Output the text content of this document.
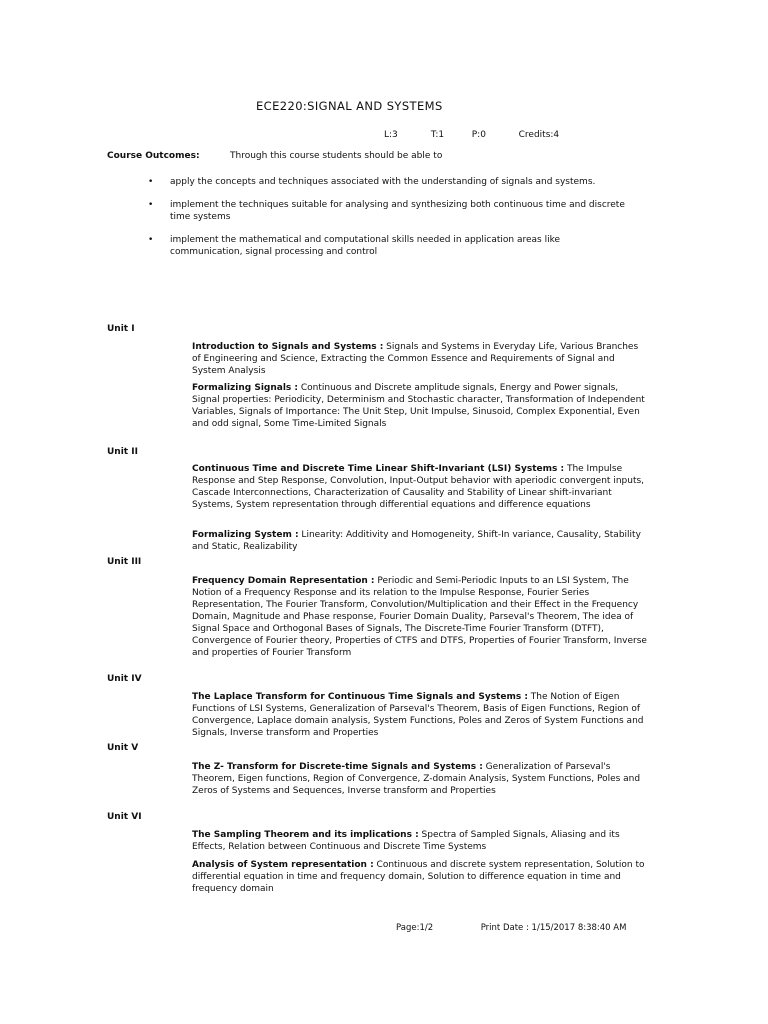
ECE220:SIGNAL AND SYSTEMS
L:3	T:1	P:0	Credits:4
Course Outcomes:	Through this course students should be able to
• apply the concepts and techniques associated with the understanding of signals and systems.
• implement the techniques suitable for analysing and synthesizing both continuous time and discrete time systems
• implement the mathematical and computational skills needed in application areas like communication, signal processing and control
Unit I
Introduction to Signals and Systems : Signals and Systems in Everyday Life, Various Branches of Engineering and Science, Extracting the Common Essence and Requirements of Signal and System Analysis
Formalizing Signals : Continuous and Discrete amplitude signals, Energy and Power signals, Signal properties: Periodicity, Determinism and Stochastic character, Transformation of Independent Variables, Signals of Importance: The Unit Step, Unit Impulse, Sinusoid, Complex Exponential, Even and odd signal, Some Time-Limited Signals
Unit II
Continuous Time and Discrete Time Linear Shift-Invariant (LSI) Systems : The Impulse Response and Step Response, Convolution, Input-Output behavior with aperiodic convergent inputs, Cascade Interconnections, Characterization of Causality and Stability of Linear shift-invariant Systems, System representation through differential equations and difference equations
Formalizing System : Linearity: Additivity and Homogeneity, Shift-In variance, Causality, Stability and Static, Realizability
Unit III
Frequency Domain Representation : Periodic and Semi-Periodic Inputs to an LSI System, The Notion of a Frequency Response and its relation to the Impulse Response, Fourier Series Representation, The Fourier Transform, Convolution/Multiplication and their Effect in the Frequency Domain, Magnitude and Phase response, Fourier Domain Duality, Parseval's Theorem, The idea of Signal Space and Orthogonal Bases of Signals, The Discrete-Time Fourier Transform (DTFT), Convergence of Fourier theory, Properties of CTFS and DTFS, Properties of Fourier Transform, Inverse and properties of Fourier Transform
Unit IV
The Laplace Transform for Continuous Time Signals and Systems : The Notion of Eigen Functions of LSI Systems, Generalization of Parseval's Theorem, Basis of Eigen Functions, Region of Convergence, Laplace domain analysis, System Functions, Poles and Zeros of System Functions and Signals, Inverse transform and Properties
Unit V
The Z- Transform for Discrete-time Signals and Systems : Generalization of Parseval's Theorem, Eigen functions, Region of Convergence, Z-domain Analysis, System Functions, Poles and Zeros of Systems and Sequences, Inverse transform and Properties
Unit VI
The Sampling Theorem and its implications : Spectra of Sampled Signals, Aliasing and its Effects, Relation between Continuous and Discrete Time Systems
Analysis of System representation : Continuous and discrete system representation, Solution to differential equation in time and frequency domain, Solution to difference equation in time and frequency domain
Page:1/2	Print Date : 1/15/2017 8:38:40 AM
